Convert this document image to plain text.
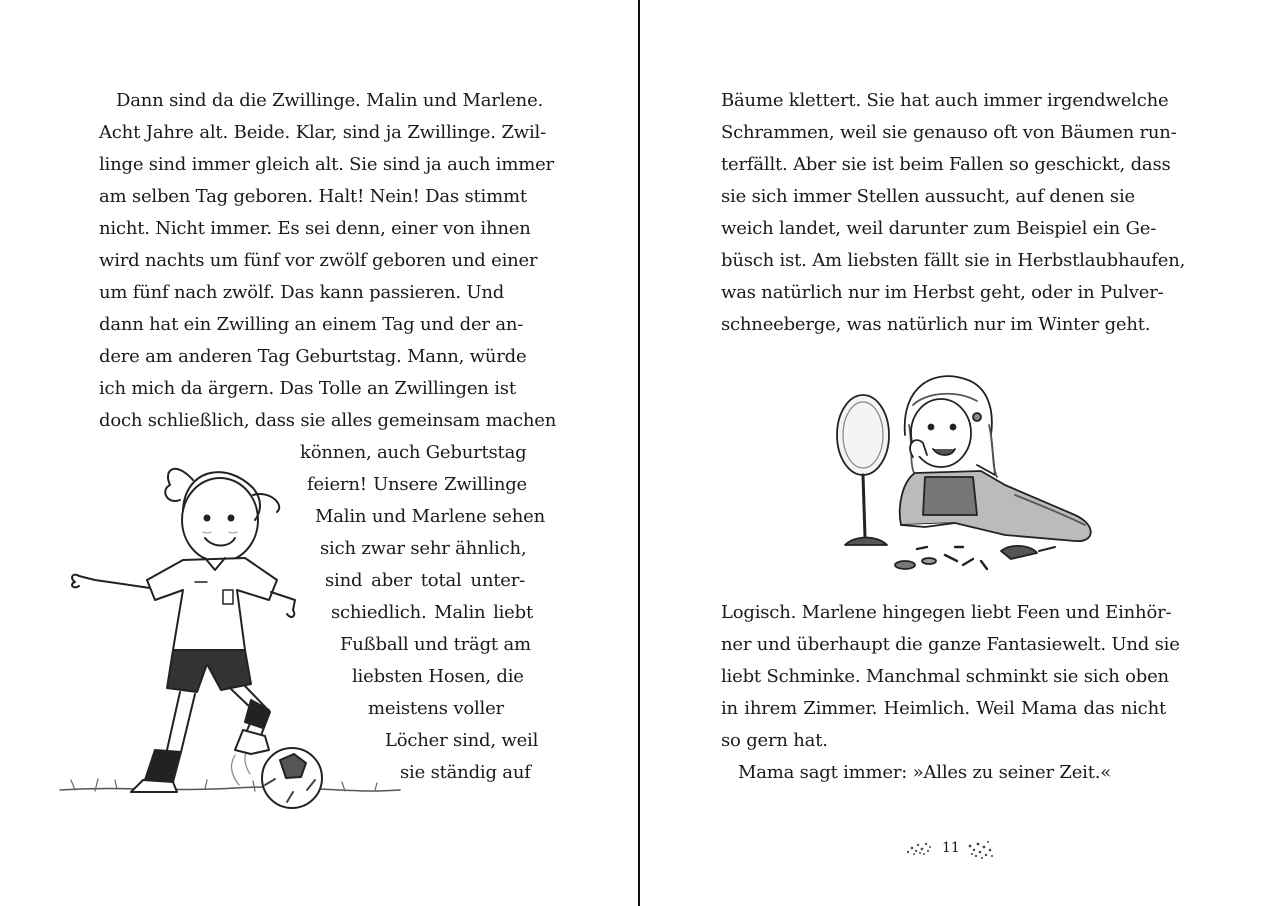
Dann sind da die Zwillinge. Malin und Marlene.
Acht Jahre alt. Beide. Klar, sind ja Zwillinge. Zwil-
linge sind immer gleich alt. Sie sind ja auch immer
am selben Tag geboren. Halt! Nein! Das stimmt
nicht. Nicht immer. Es sei denn, einer von ihnen
wird nachts um fünf vor zwölf geboren und einer
um fünf nach zwölf. Das kann passieren. Und
dann hat ein Zwilling an einem Tag und der an-
dere am anderen Tag Geburtstag. Mann, würde
ich mich da ärgern. Das Tolle an Zwillingen ist
doch schließlich, dass sie alles gemeinsam machen
können, auch Geburtstag
feiern! Unsere Zwillinge
Malin und Marlene sehen
sich zwar sehr ähnlich,
sind aber total unter-
schiedlich. Malin liebt
Fußball und trägt am
liebsten Hosen, die
meistens voller
Löcher sind, weil
sie ständig auf
Bäume klettert. Sie hat auch immer irgendwelche
Schrammen, weil sie genauso oft von Bäumen run-
terfällt. Aber sie ist beim Fallen so geschickt, dass
sie sich immer Stellen aussucht, auf denen sie
weich landet, weil darunter zum Beispiel ein Ge-
büsch ist. Am liebsten fällt sie in Herbstlaubhaufen,
was natürlich nur im Herbst geht, oder in Pulver-
schneeberge, was natürlich nur im Winter geht.
Logisch. Marlene hingegen liebt Feen und Einhör-
ner und überhaupt die ganze Fantasiewelt. Und sie
liebt Schminke. Manchmal schminkt sie sich oben
in ihrem Zimmer. Heimlich. Weil Mama das nicht
so gern hat.
Mama sagt immer: »Alles zu seiner Zeit.«
11
